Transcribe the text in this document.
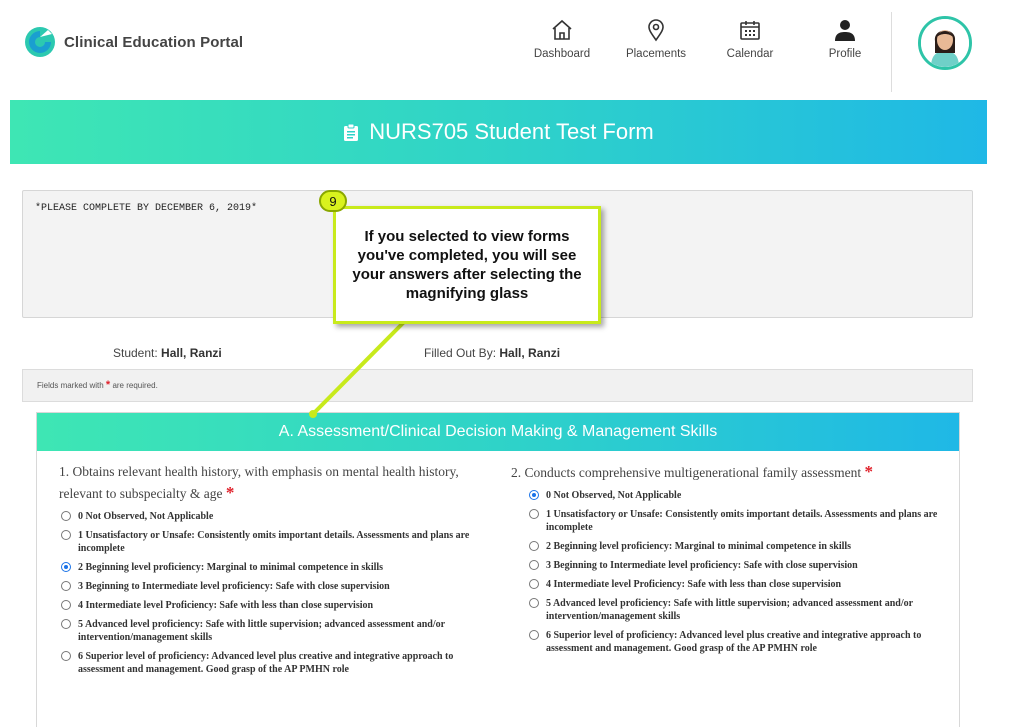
Clinical Education Portal
Dashboard	Placements	Calendar	Profile
NURS705 Student Test Form
*PLEASE COMPLETE BY DECEMBER 6, 2019*
Student: Hall, Ranzi	Filled Out By: Hall, Ranzi
Fields marked with * are required.
A. Assessment/Clinical Decision Making & Management Skills
1. Obtains relevant health history, with emphasis on mental health history, relevant to subspecialty & age *
0 Not Observed, Not Applicable
1 Unsatisfactory or Unsafe: Consistently omits important details. Assessments and plans are incomplete
2 Beginning level proficiency: Marginal to minimal competence in skills
3 Beginning to Intermediate level proficiency: Safe with close supervision
4 Intermediate level Proficiency: Safe with less than close supervision
5 Advanced level proficiency: Safe with little supervision; advanced assessment and/or intervention/management skills
6 Superior level of proficiency: Advanced level plus creative and integrative approach to assessment and management. Good grasp of the AP PMHN role
2. Conducts comprehensive multigenerational family assessment *
0 Not Observed, Not Applicable
1 Unsatisfactory or Unsafe: Consistently omits important details. Assessments and plans are incomplete
2 Beginning level proficiency: Marginal to minimal competence in skills
3 Beginning to Intermediate level proficiency: Safe with close supervision
4 Intermediate level Proficiency: Safe with less than close supervision
5 Advanced level proficiency: Safe with little supervision; advanced assessment and/or intervention/management skills
6 Superior level of proficiency: Advanced level plus creative and integrative approach to assessment and management. Good grasp of the AP PMHN role
If you selected to view forms you've completed, you will see your answers after selecting the magnifying glass
9
